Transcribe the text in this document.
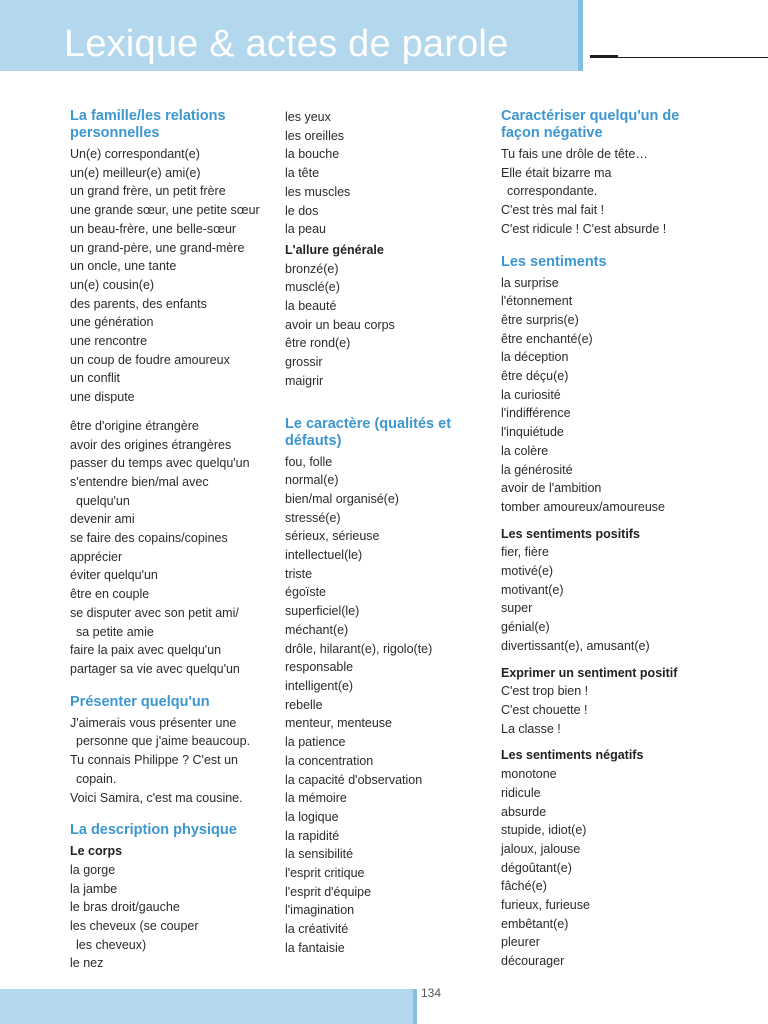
Lexique & actes de parole
La famille/les relations
personnelles
Un(e) correspondant(e)
un(e) meilleur(e) ami(e)
un grand frère, un petit frère
une grande sœur, une petite sœur
un beau-frère, une belle-sœur
un grand-père, une grand-mère
un oncle, une tante
un(e) cousin(e)
des parents, des enfants
une génération
une rencontre
un coup de foudre amoureux
un conflit
une dispute
être d'origine étrangère
avoir des origines étrangères
passer du temps avec quelqu'un
s'entendre bien/mal avec
quelqu'un
devenir ami
se faire des copains/copines
apprécier
éviter quelqu'un
être en couple
se disputer avec son petit ami/
sa petite amie
faire la paix avec quelqu'un
partager sa vie avec quelqu'un
Présenter quelqu'un
J'aimerais vous présenter une
personne que j'aime beaucoup.
Tu connais Philippe ? C'est un
copain.
Voici Samira, c'est ma cousine.
La description physique
Le corps
la gorge
la jambe
le bras droit/gauche
les cheveux (se couper
les cheveux)
le nez
les yeux
les oreilles
la bouche
la tête
les muscles
le dos
la peau
L'allure générale
bronzé(e)
musclé(e)
la beauté
avoir un beau corps
être rond(e)
grossir
maigrir
Le caractère (qualités et
défauts)
fou, folle
normal(e)
bien/mal organisé(e)
stressé(e)
sérieux, sérieuse
intellectuel(le)
triste
égoïste
superficiel(le)
méchant(e)
drôle, hilarant(e), rigolo(te)
responsable
intelligent(e)
rebelle
menteur, menteuse
la patience
la concentration
la capacité d'observation
la mémoire
la logique
la rapidité
la sensibilité
l'esprit critique
l'esprit d'équipe
l'imagination
la créativité
la fantaisie
Caractériser quelqu'un de
façon négative
Tu fais une drôle de tête…
Elle était bizarre ma
correspondante.
C'est très mal fait !
C'est ridicule ! C'est absurde !
Les sentiments
la surprise
l'étonnement
être surpris(e)
être enchanté(e)
la déception
être déçu(e)
la curiosité
l'indifférence
l'inquiétude
la colère
la générosité
avoir de l'ambition
tomber amoureux/amoureuse
Les sentiments positifs
fier, fière
motivé(e)
motivant(e)
super
génial(e)
divertissant(e), amusant(e)
Exprimer un sentiment positif
C'est trop bien !
C'est chouette !
La classe !
Les sentiments négatifs
monotone
ridicule
absurde
stupide, idiot(e)
jaloux, jalouse
dégoûtant(e)
fâché(e)
furieux, furieuse
embêtant(e)
pleurer
décourager
134
